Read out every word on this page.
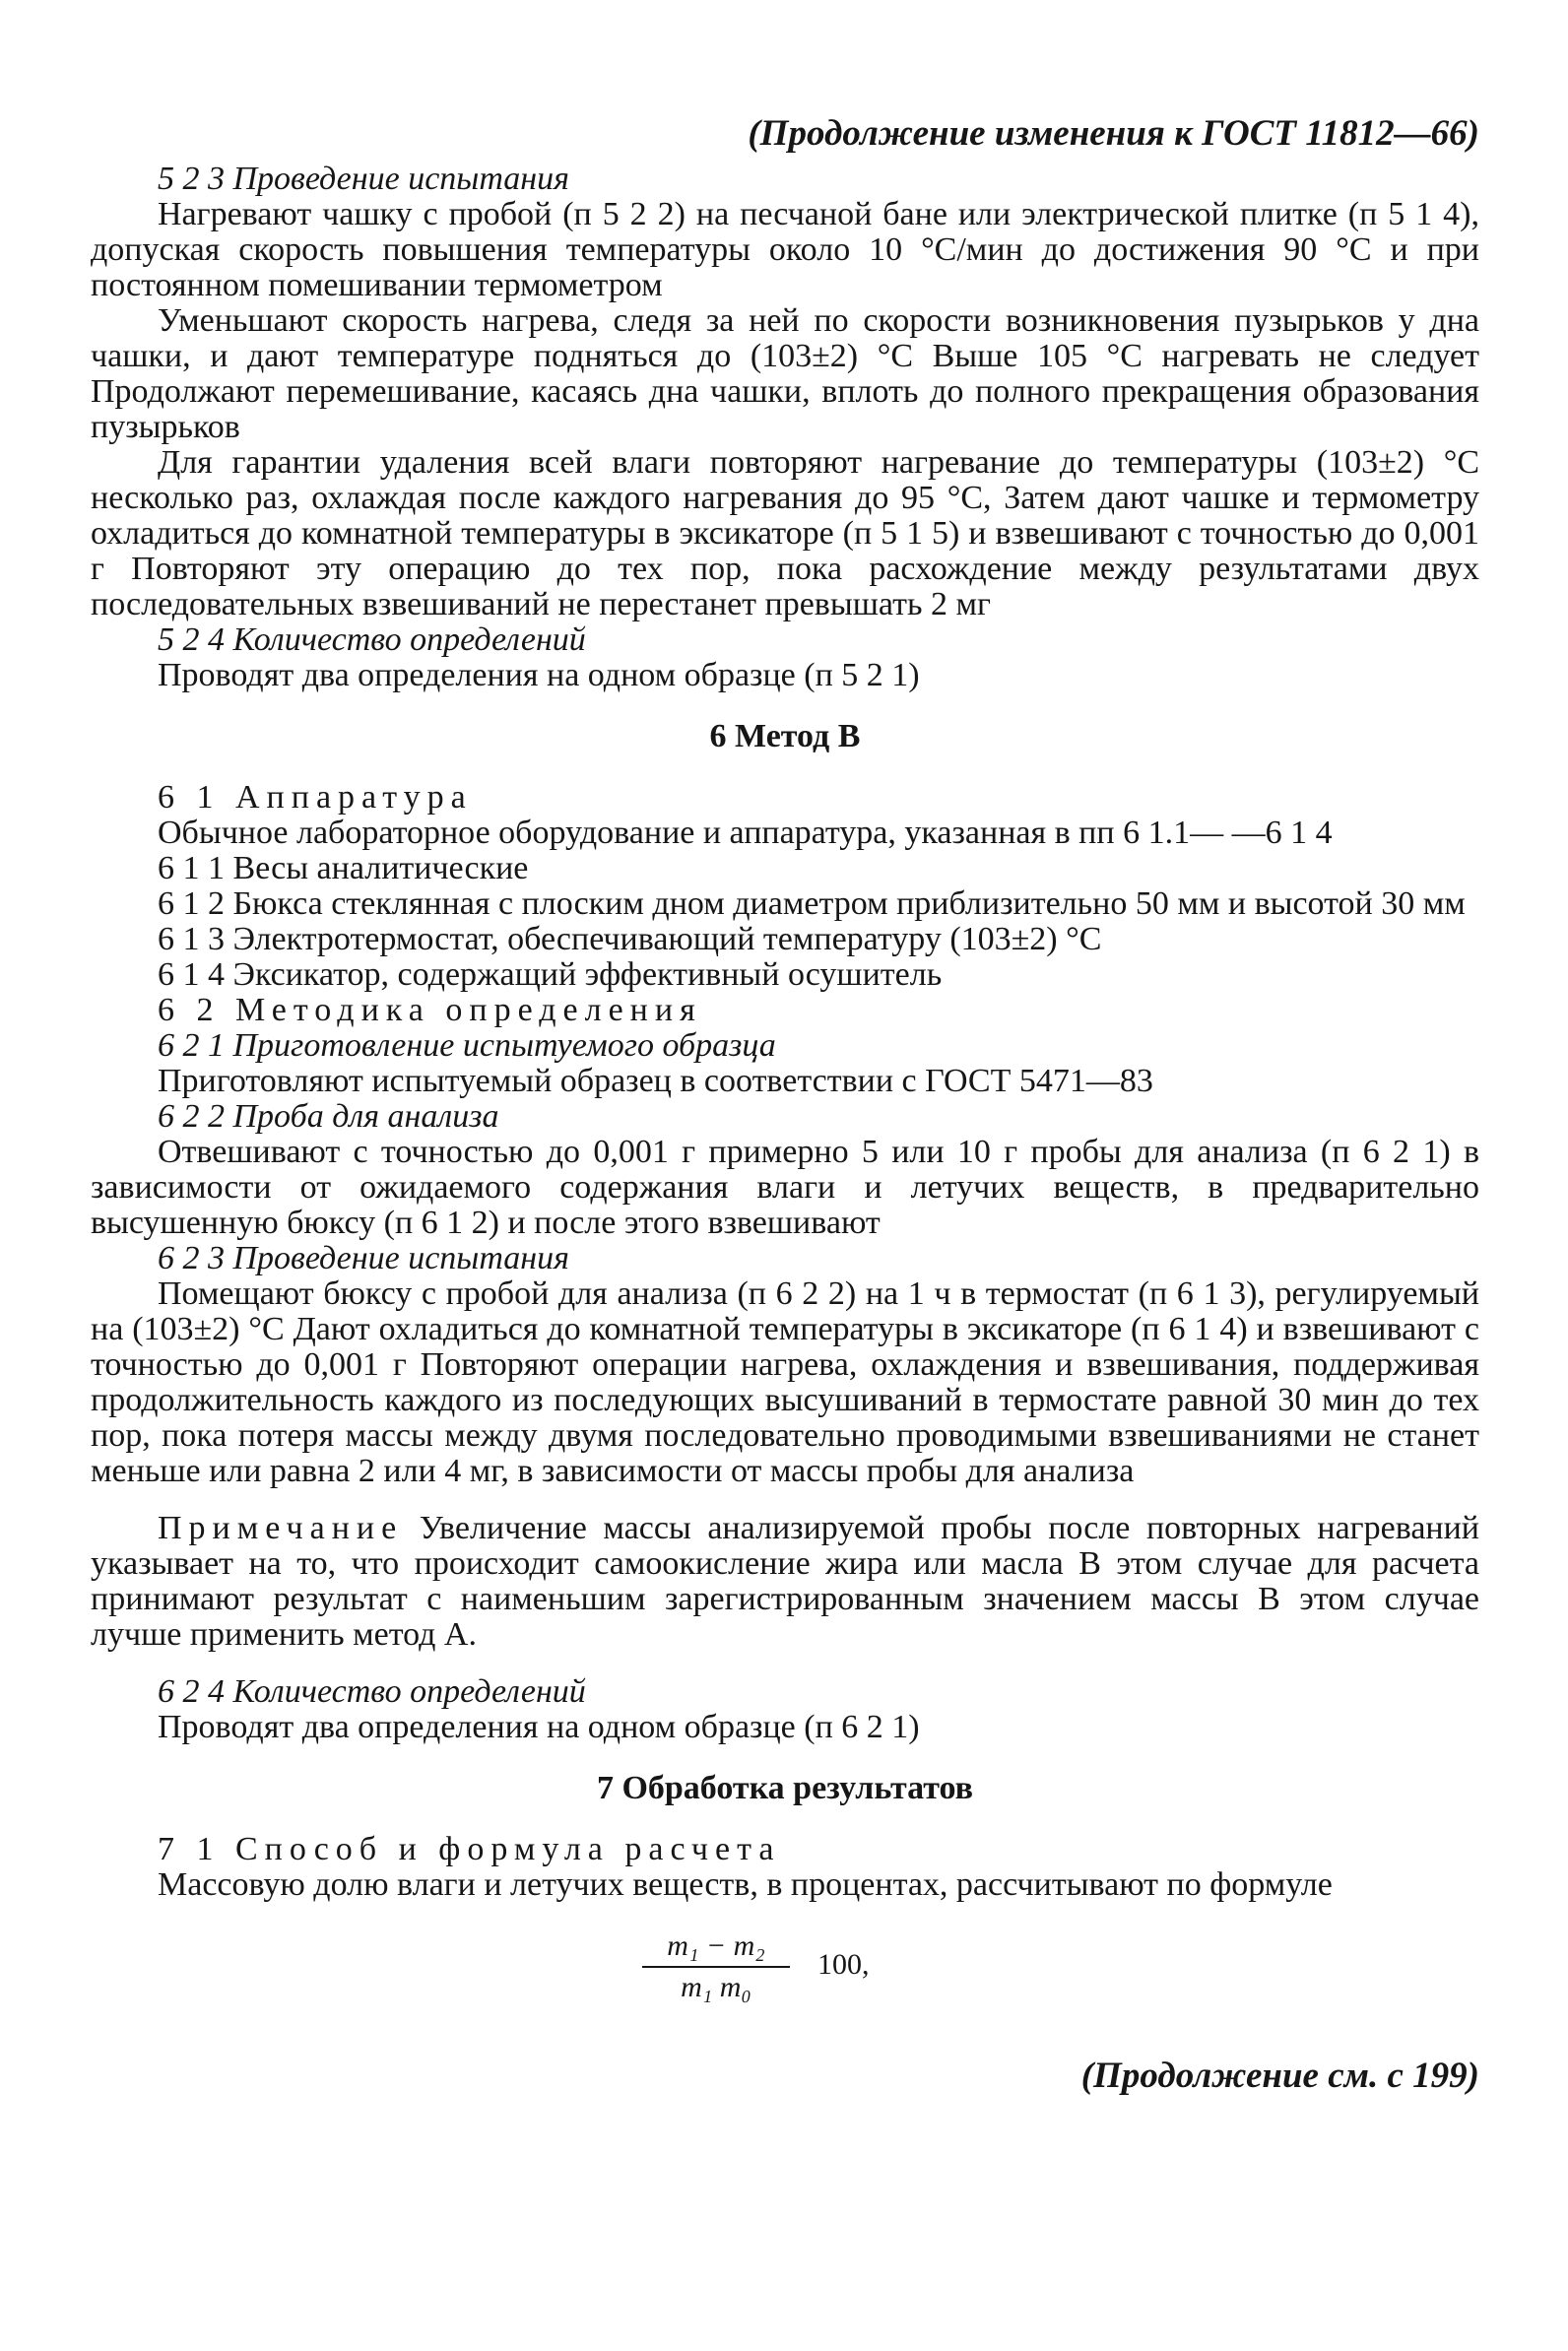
(Продолжение изменения к ГОСТ 11812—66)

5 2 3 Проведение испытания

Нагревают чашку с пробой (п 5 2 2) на песчаной бане или электрической плитке (п 5 1 4), допуская скорость повышения температуры около 10 °С/мин до достижения 90 °С и при постоянном помешивании термометром

Уменьшают скорость нагрева, следя за ней по скорости возникновения пузырьков у дна чашки, и дают температуре подняться до (103±2) °С Выше 105 °С нагревать не следует Продолжают перемешивание, касаясь дна чашки, вплоть до полного прекращения образования пузырьков

Для гарантии удаления всей влаги повторяют нагревание до температуры (103±2) °С несколько раз, охлаждая после каждого нагревания до 95 °С, Затем дают чашке и термометру охладиться до комнатной температуры в эксикаторе (п 5 1 5) и взвешивают с точностью до 0,001 г Повторяют эту операцию до тех пор, пока расхождение между результатами двух последовательных взвешиваний не перестанет превышать 2 мг

5 2 4 Количество определений

Проводят два определения на одном образце (п 5 2 1)

6 Метод В

6 1 Аппаратура

Обычное лабораторное оборудование и аппаратура, указанная в пп 6 1.1— —6 1 4

6 1 1 Весы аналитические

6 1 2 Бюкса стеклянная с плоским дном диаметром приблизительно 50 мм и высотой 30 мм

6 1 3 Электротермостат, обеспечивающий температуру (103±2) °С

6 1 4 Эксикатор, содержащий эффективный осушитель

6 2 Методика определения

6 2 1 Приготовление испытуемого образца

Приготовляют испытуемый образец в соответствии с ГОСТ 5471—83

6 2 2 Проба для анализа

Отвешивают с точностью до 0,001 г примерно 5 или 10 г пробы для анализа (п 6 2 1) в зависимости от ожидаемого содержания влаги и летучих веществ, в предварительно высушенную бюксу (п 6 1 2) и после этого взвешивают

6 2 3 Проведение испытания

Помещают бюксу с пробой для анализа (п 6 2 2) на 1 ч в термостат (п 6 1 3), регулируемый на (103±2) °С Дают охладиться до комнатной температуры в эксикаторе (п 6 1 4) и взвешивают с точностью до 0,001 г Повторяют операции нагрева, охлаждения и взвешивания, поддерживая продолжительность каждого из последующих высушиваний в термостате равной 30 мин до тех пор, пока потеря массы между двумя последовательно проводимыми взвешиваниями не станет меньше или равна 2 или 4 мг, в зависимости от массы пробы для анализа

Примечание Увеличение массы анализируемой пробы после повторных нагреваний указывает на то, что происходит самоокисление жира или масла В этом случае для расчета принимают результат с наименьшим зарегистрированным значением массы В этом случае лучше применить метод А.

6 2 4 Количество определений

Проводят два определения на одном образце (п 6 2 1)

7 Обработка результатов

7 1 Способ и формула расчета

Массовую долю влаги и летучих веществ, в процентах, рассчитывают по формуле

m₁ − m₂
m₁ m₀
100,
(Продолжение см. с 199)
